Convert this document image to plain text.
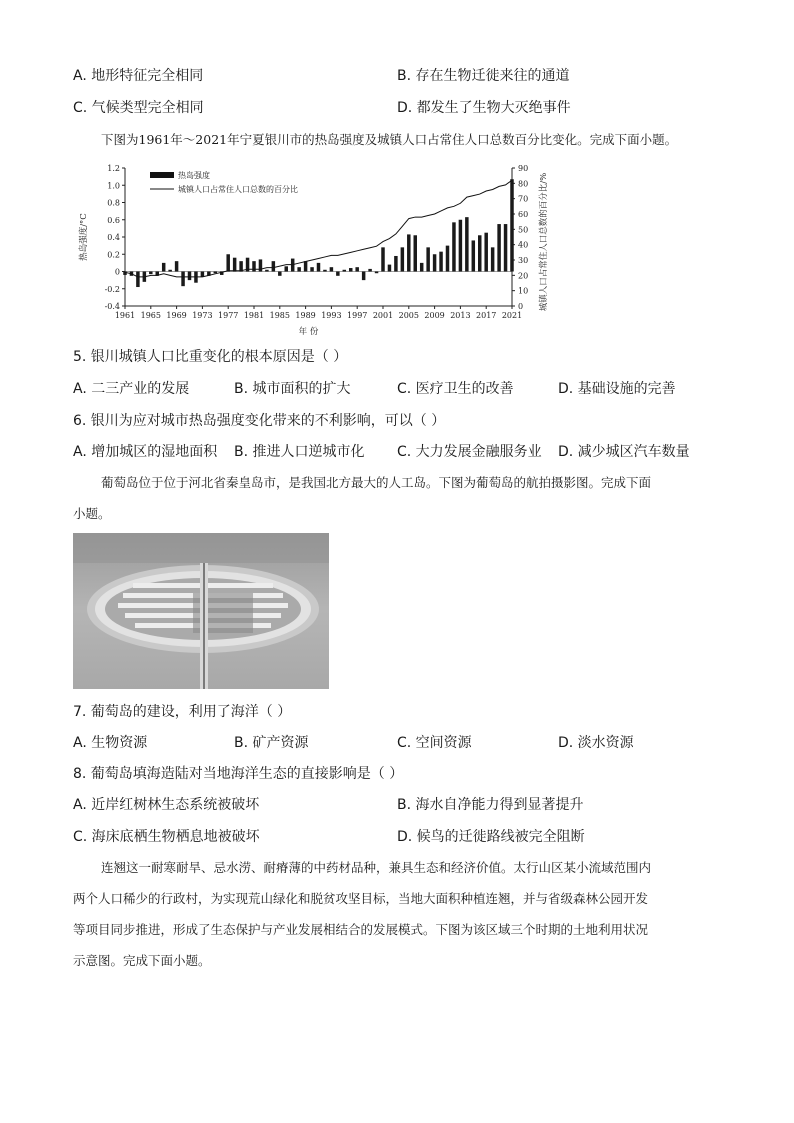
A. 地形特征完全相同	B. 存在生物迁徙来往的通道
C. 气候类型完全相同	D. 都发生了生物大灭绝事件
下图为1961年～2021年宁夏银川市的热岛强度及城镇人口占常住人口总数百分比变化。完成下面小题。
热岛强度
城镇人口占常住人口总数的百分比
1.2
1.0
0.8
0.6
0.4
0.2
0
-0.2
-0.4
90
80
70
60
50
40
30
20
10
0
1961 1965 1969 1973 1977 1981 1985 1989 1993 1997 2001 2005 2009 2013 2017 2021
热岛强度/°C	城镇人口占常住人口总数的百分比/%
年 份
5. 银川城镇人口比重变化的根本原因是（ ）
A. 二三产业的发展	B. 城市面积的扩大	C. 医疗卫生的改善	D. 基础设施的完善
6. 银川为应对城市热岛强度变化带来的不利影响，可以（ ）
A. 增加城区的湿地面积 B. 推进人口逆城市化 C. 大力发展金融服务业 D. 减少城区汽车数量
葡萄岛位于位于河北省秦皇岛市，是我国北方最大的人工岛。下图为葡萄岛的航拍摄影图。完成下面
小题。
7. 葡萄岛的建设，利用了海洋（ ）
A. 生物资源	B. 矿产资源	C. 空间资源	D. 淡水资源
8. 葡萄岛填海造陆对当地海洋生态的直接影响是（ ）
A. 近岸红树林生态系统被破坏	B. 海水自净能力得到显著提升
C. 海床底栖生物栖息地被破坏	D. 候鸟的迁徙路线被完全阻断
连翘这一耐寒耐旱、忌水涝、耐瘠薄的中药材品种，兼具生态和经济价值。太行山区某小流域范围内
两个人口稀少的行政村，为实现荒山绿化和脱贫攻坚目标，当地大面积种植连翘，并与省级森林公园开发
等项目同步推进，形成了生态保护与产业发展相结合的发展模式。下图为该区域三个时期的土地利用状况
示意图。完成下面小题。
